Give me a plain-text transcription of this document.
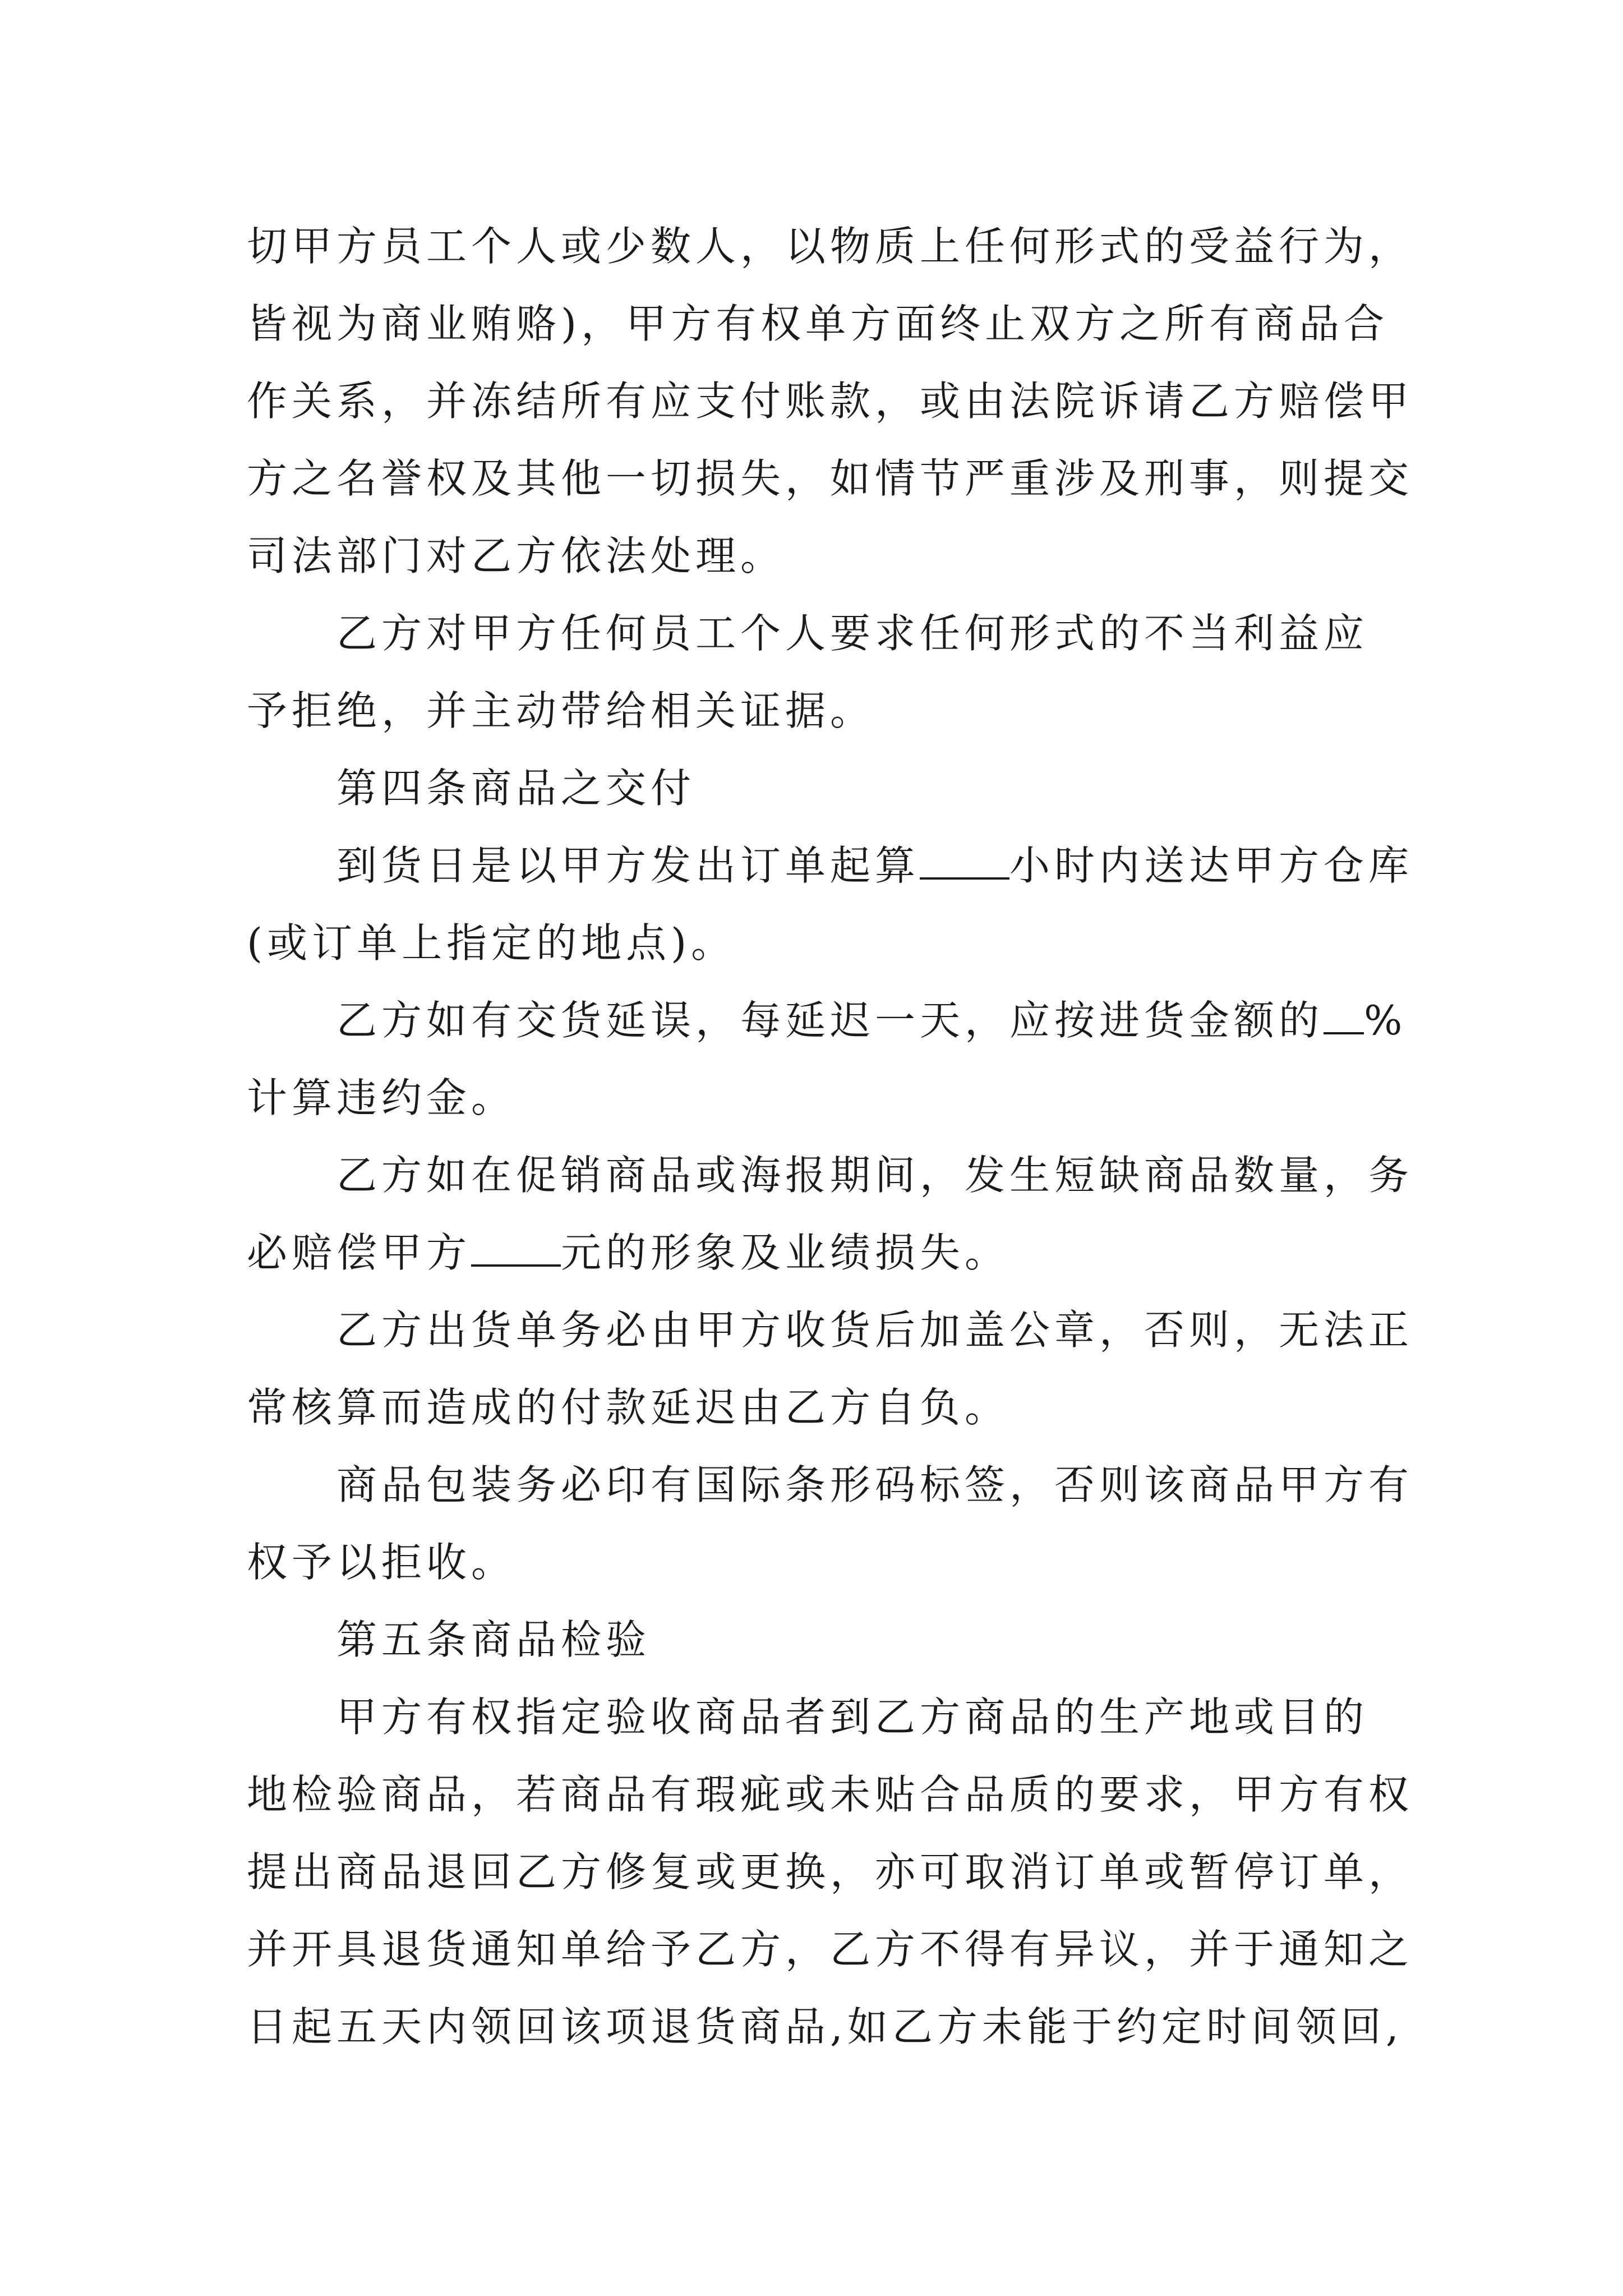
切甲方员工个人或少数人，以物质上任何形式的受益行为，
皆视为商业贿赂)，甲方有权单方面终止双方之所有商品合
作关系，并冻结所有应支付账款，或由法院诉请乙方赔偿甲
方之名誉权及其他一切损失，如情节严重涉及刑事，则提交
司法部门对乙方依法处理。
乙方对甲方任何员工个人要求任何形式的不当利益应
予拒绝，并主动带给相关证据。
第四条商品之交付
到货日是以甲方发出订单起算 小时内送达甲方仓库
(或订单上指定的地点)。
乙方如有交货延误，每延迟一天，应按进货金额的 %
计算违约金。
乙方如在促销商品或海报期间，发生短缺商品数量，务
必赔偿甲方 元的形象及业绩损失。
乙方出货单务必由甲方收货后加盖公章，否则，无法正
常核算而造成的付款延迟由乙方自负。
商品包装务必印有国际条形码标签，否则该商品甲方有
权予以拒收。
第五条商品检验
甲方有权指定验收商品者到乙方商品的生产地或目的
地检验商品，若商品有瑕疵或未贴合品质的要求，甲方有权
提出商品退回乙方修复或更换，亦可取消订单或暂停订单，
并开具退货通知单给予乙方，乙方不得有异议，并于通知之
日起五天内领回该项退货商品,如乙方未能于约定时间领回,
